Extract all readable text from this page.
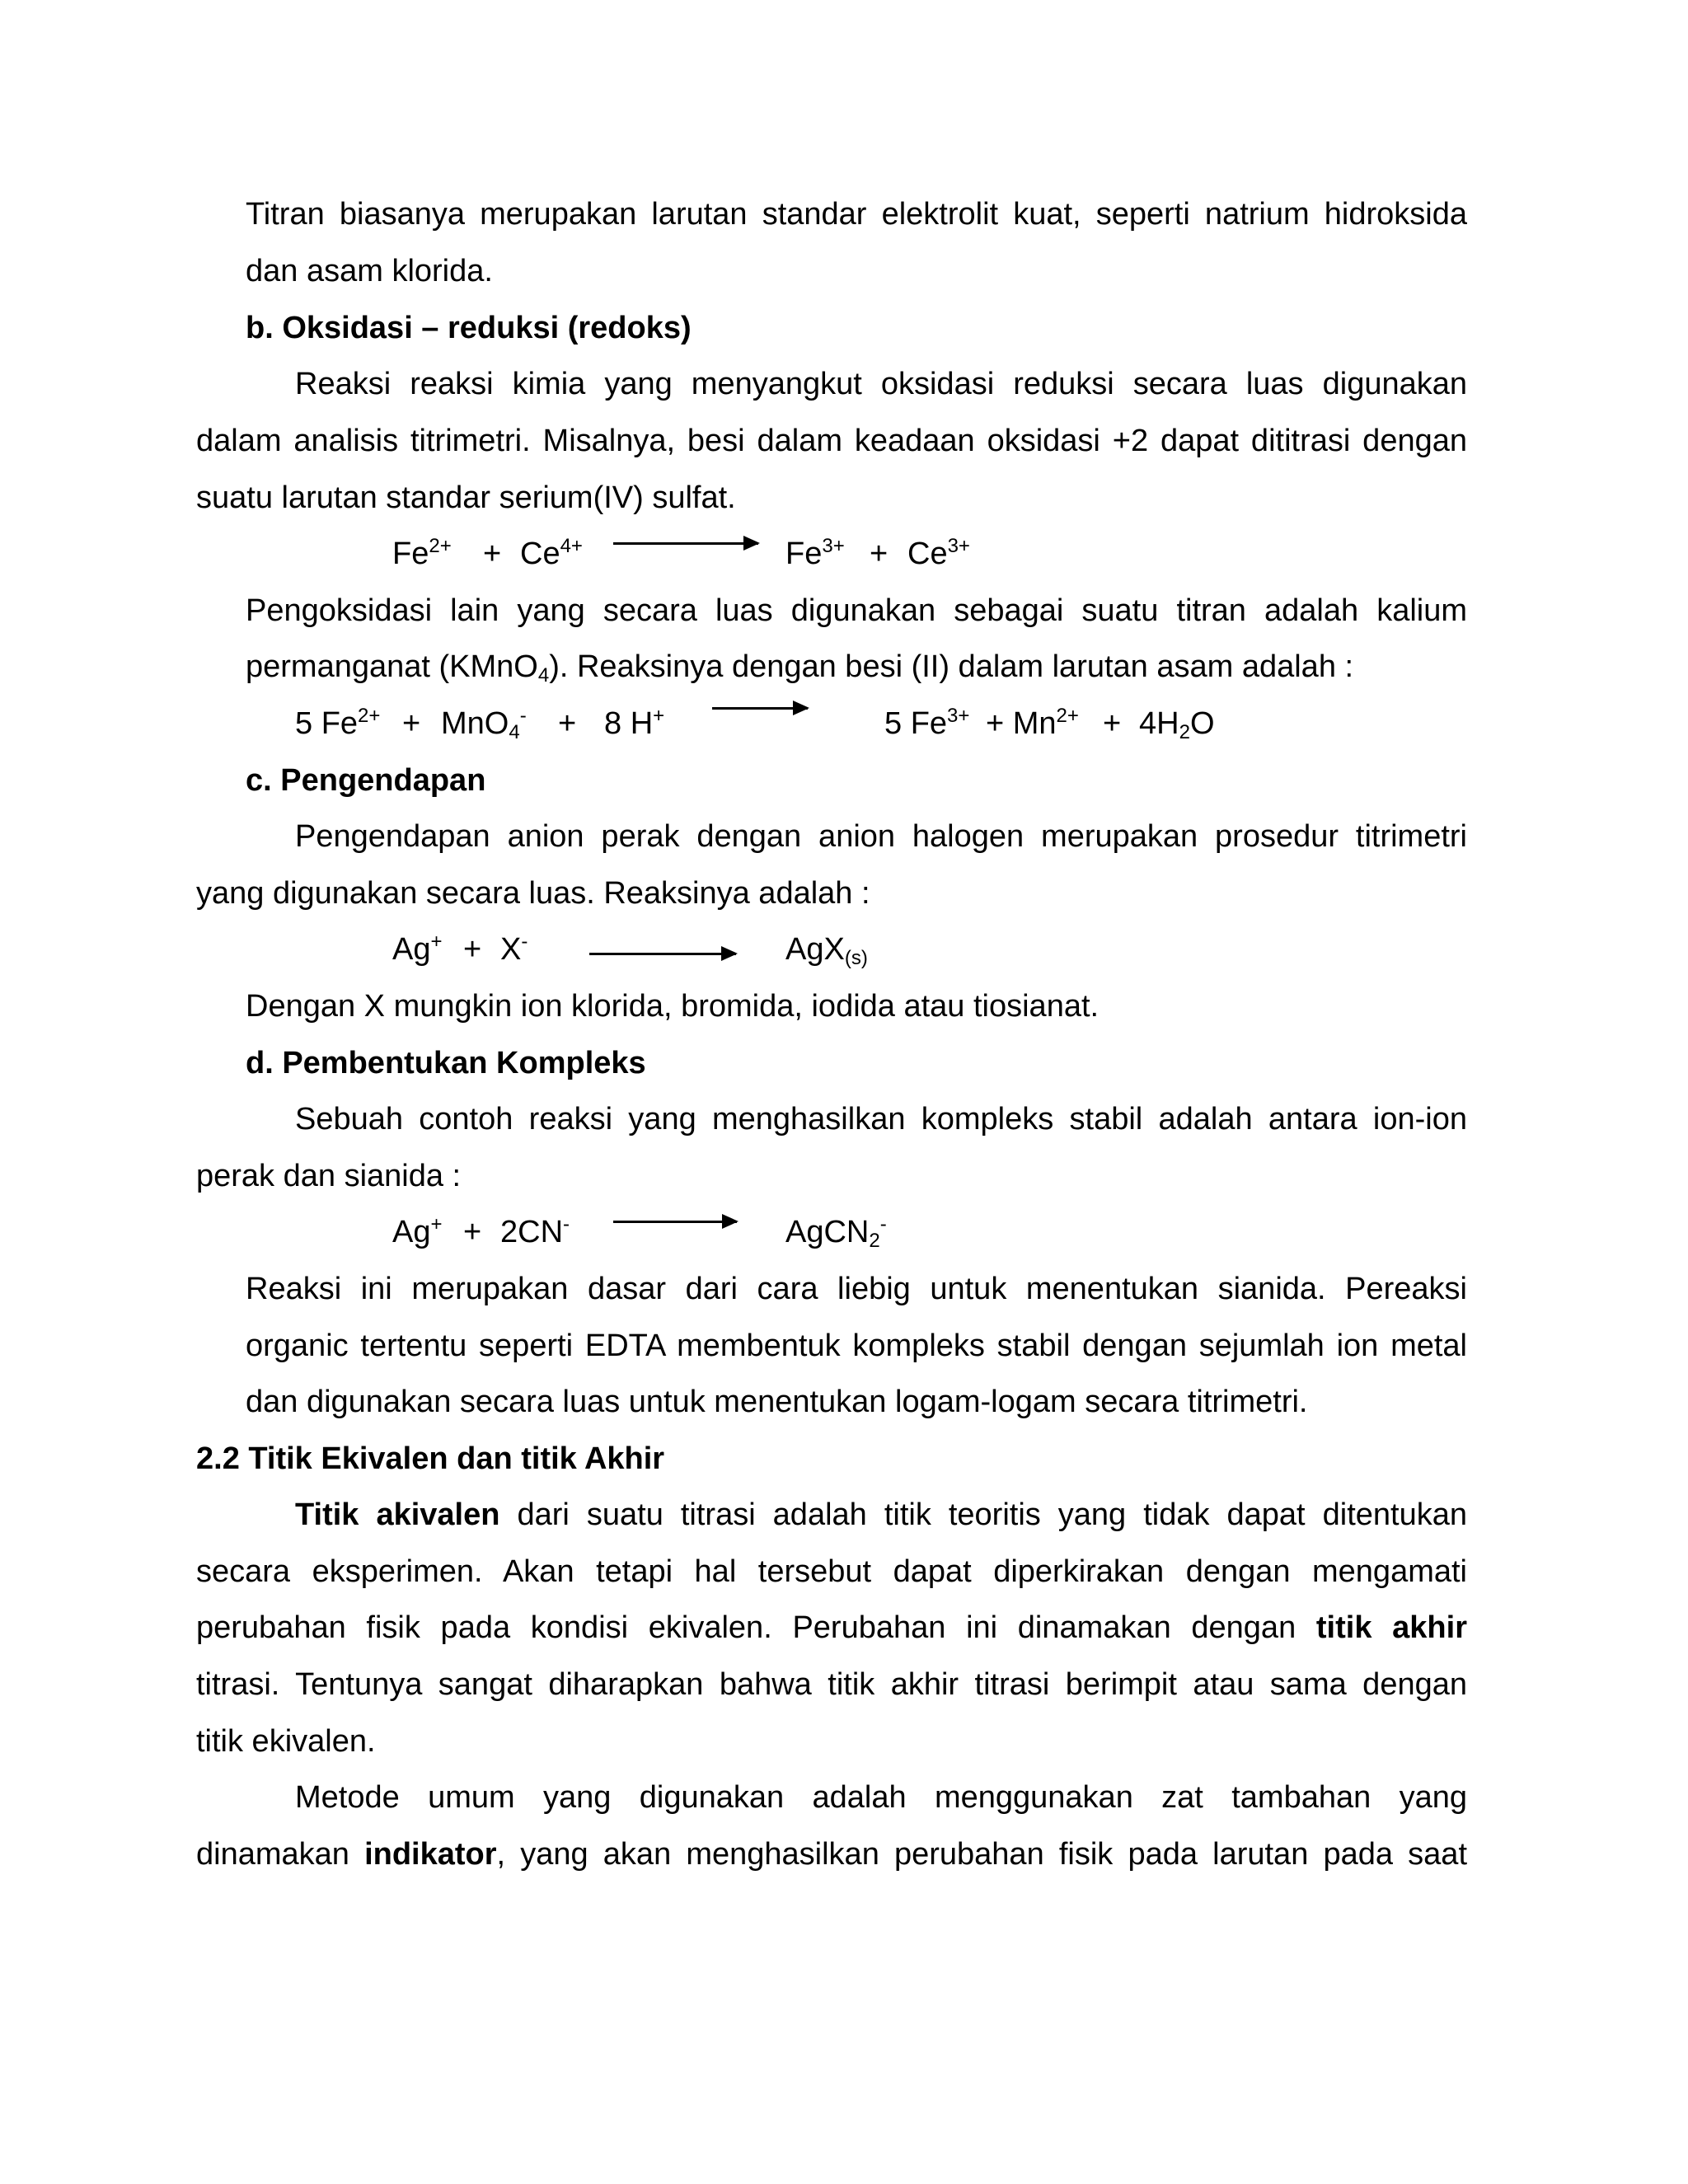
Titran biasanya merupakan larutan standar elektrolit kuat, seperti natrium hidroksida
dan asam klorida.
b. Oksidasi – reduksi (redoks)
Reaksi reaksi kimia yang menyangkut oksidasi reduksi secara luas digunakan
dalam analisis titrimetri. Misalnya, besi dalam keadaan oksidasi +2 dapat dititrasi dengan
suatu larutan standar serium(IV) sulfat.
$Fe^{2+} + Ce^{4+}$	$Fe^{3+} + Ce^{3+}$
Pengoksidasi lain yang secara luas digunakan sebagai suatu titran adalah kalium
permanganat (KMnO$_4$). Reaksinya dengan besi (II) dalam larutan asam adalah :
5 $Fe^{2+} + MnO_4^- + 8$ H+	5 $Fe^{3+} + Mn^{2+} + 4H_2O$
c. Pengendapan
Pengendapan anion perak dengan anion halogen merupakan prosedur titrimetri
yang digunakan secara luas. Reaksinya adalah :
Ag+ + X-	AgX$_{(s)}$
Dengan X mungkin ion klorida, bromida, iodida atau tiosianat.
d. Pembentukan Kompleks
Sebuah contoh reaksi yang menghasilkan kompleks stabil adalah antara ion-ion
perak dan sianida :
Ag+ + 2CN- → AgCN$_2$-
Reaksi ini merupakan dasar dari cara liebig untuk menentukan sianida. Pereaksi
organic tertentu seperti EDTA membentuk kompleks stabil dengan sejumlah ion metal
dan digunakan secara luas untuk menentukan logam-logam secara titrimetri.
2.2 Titik Ekivalen dan titik Akhir
Titik akivalen dari suatu titrasi adalah titik teoritis yang tidak dapat ditentukan
secara eksperimen. Akan tetapi hal tersebut dapat diperkirakan dengan mengamati
perubahan fisik pada kondisi ekivalen. Perubahan ini dinamakan dengan titik akhir
titrasi. Tentunya sangat diharapkan bahwa titik akhir titrasi berimpit atau sama dengan
titik ekivalen.
Metode umum yang digunakan adalah menggunakan zat tambahan yang
dinamakan indikator, yang akan menghasilkan perubahan fisik pada larutan pada saat
